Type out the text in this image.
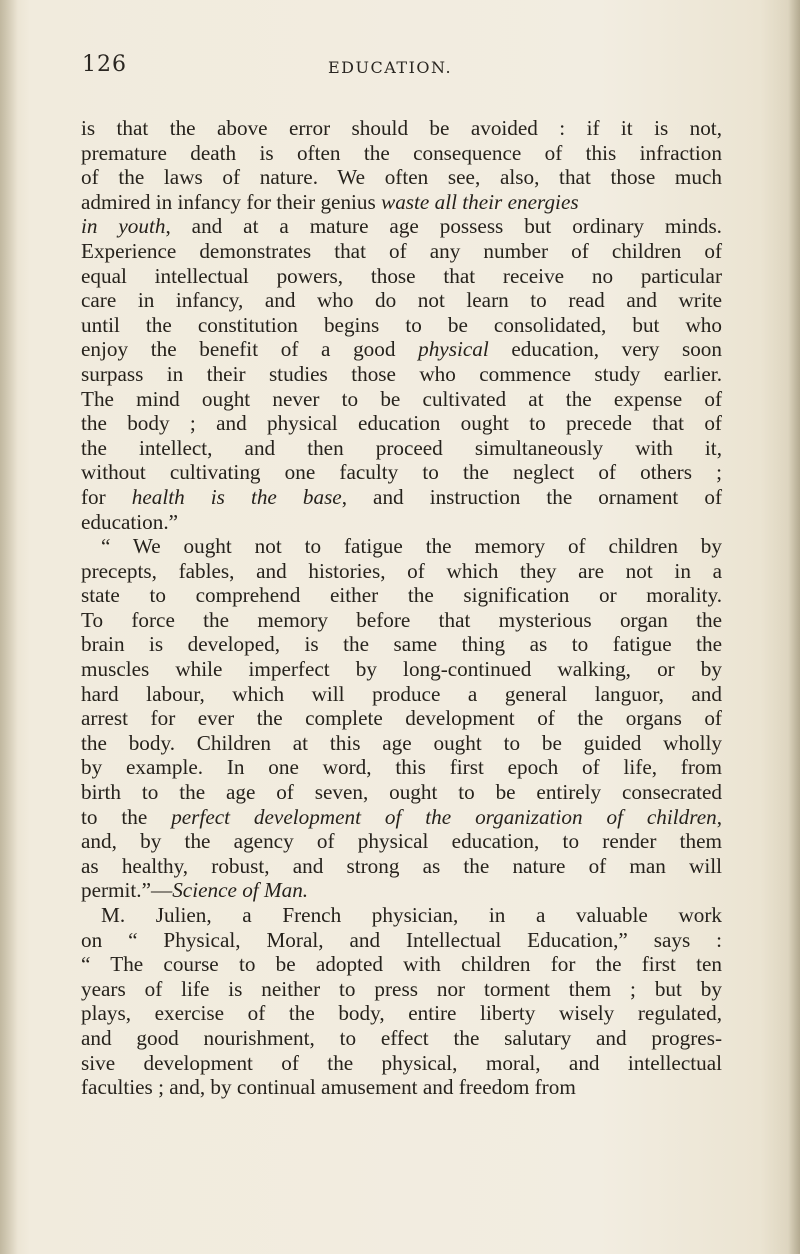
126	EDUCATION.
is that the above error should be avoided : if it is not,
premature death is often the consequence of this infraction
of the laws of nature. We often see, also, that those much
admired in infancy for their genius waste all their energies
in youth, and at a mature age possess but ordinary minds.
Experience demonstrates that of any number of children of
equal intellectual powers, those that receive no particular
care in infancy, and who do not learn to read and write
until the constitution begins to be consolidated, but who
enjoy the benefit of a good physical education, very soon
surpass in their studies those who commence study earlier.
The mind ought never to be cultivated at the expense of
the body ; and physical education ought to precede that of
the intellect, and then proceed simultaneously with it,
without cultivating one faculty to the neglect of others ;
for health is the base, and instruction the ornament of
education.”
“ We ought not to fatigue the memory of children by
precepts, fables, and histories, of which they are not in a
state to comprehend either the signification or morality.
To force the memory before that mysterious organ the
brain is developed, is the same thing as to fatigue the
muscles while imperfect by long-continued walking, or by
hard labour, which will produce a general languor, and
arrest for ever the complete development of the organs of
the body. Children at this age ought to be guided wholly
by example. In one word, this first epoch of life, from
birth to the age of seven, ought to be entirely consecrated
to the perfect development of the organization of children,
and, by the agency of physical education, to render them
as healthy, robust, and strong as the nature of man will
permit.”—Science of Man.
M. Julien, a French physician, in a valuable work
on “ Physical, Moral, and Intellectual Education,” says :
“ The course to be adopted with children for the first ten
years of life is neither to press nor torment them ; but by
plays, exercise of the body, entire liberty wisely regulated,
and good nourishment, to effect the salutary and progres-
sive development of the physical, moral, and intellectual
faculties ; and, by continual amusement and freedom from
